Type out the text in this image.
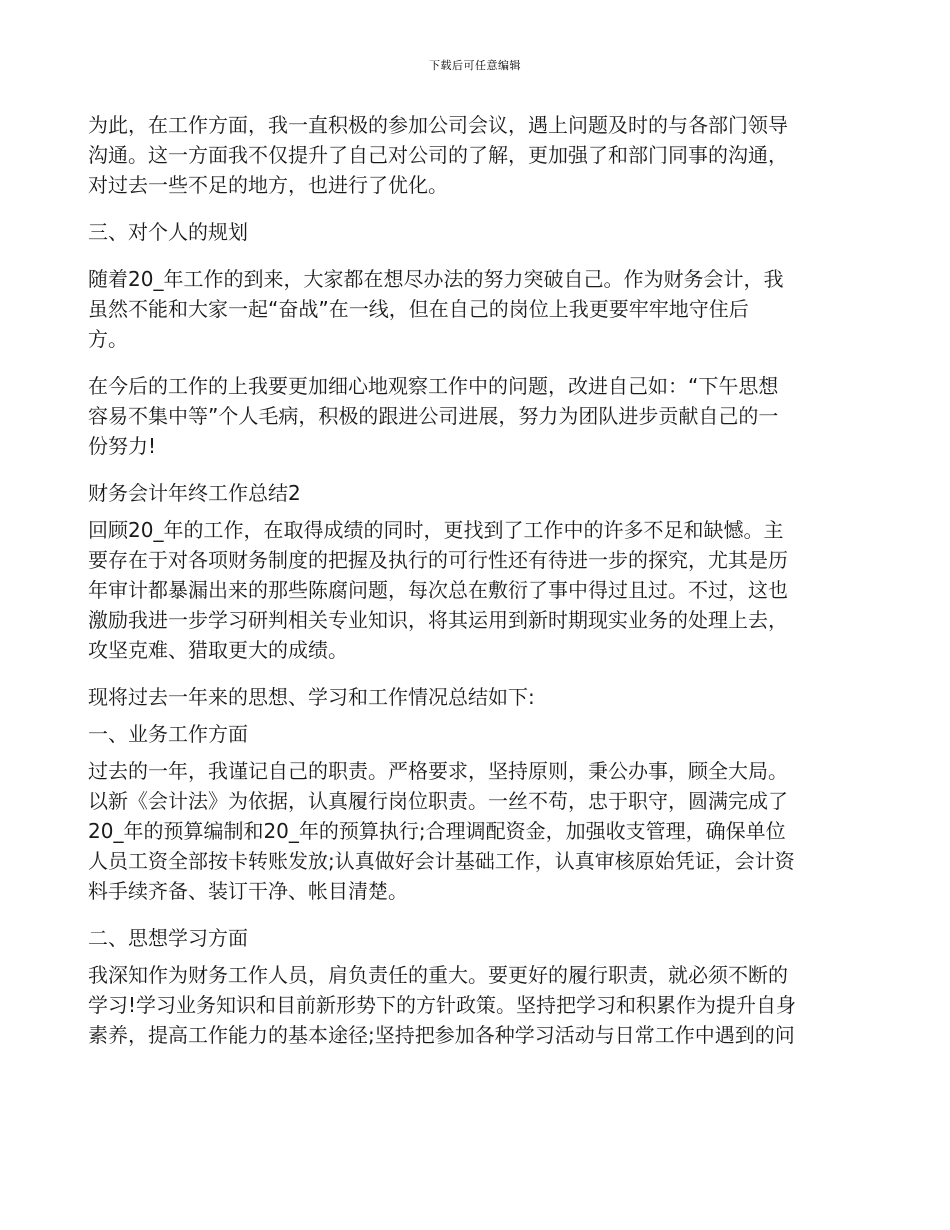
下载后可任意编辑
为此，在工作方面，我一直积极的参加公司会议，遇上问题及时的与各部门领导
沟通。这一方面我不仅提升了自己对公司的了解，更加强了和部门同事的沟通，
对过去一些不足的地方，也进行了优化。
三、对个人的规划
随着20_年工作的到来，大家都在想尽办法的努力突破自己。作为财务会计，我
虽然不能和大家一起“奋战”在一线，但在自己的岗位上我更要牢牢地守住后
方。
在今后的工作的上我要更加细心地观察工作中的问题，改进自己如：“下午思想
容易不集中等”个人毛病，积极的跟进公司进展，努力为团队进步贡献自己的一
份努力!
财务会计年终工作总结2
回顾20_年的工作，在取得成绩的同时，更找到了工作中的许多不足和缺憾。主
要存在于对各项财务制度的把握及执行的可行性还有待进一步的探究，尤其是历
年审计都暴漏出来的那些陈腐问题，每次总在敷衍了事中得过且过。不过，这也
激励我进一步学习研判相关专业知识，将其运用到新时期现实业务的处理上去，
攻坚克难、猎取更大的成绩。
现将过去一年来的思想、学习和工作情况总结如下:
一、业务工作方面
过去的一年，我谨记自己的职责。严格要求，坚持原则，秉公办事，顾全大局。
以新《会计法》为依据，认真履行岗位职责。一丝不苟，忠于职守，圆满完成了
20_年的预算编制和20_年的预算执行;合理调配资金，加强收支管理，确保单位
人员工资全部按卡转账发放;认真做好会计基础工作，认真审核原始凭证，会计资
料手续齐备、装订干净、帐目清楚。
二、思想学习方面
我深知作为财务工作人员，肩负责任的重大。要更好的履行职责，就必须不断的
学习!学习业务知识和目前新形势下的方针政策。坚持把学习和积累作为提升自身
素养，提高工作能力的基本途径;坚持把参加各种学习活动与日常工作中遇到的问
